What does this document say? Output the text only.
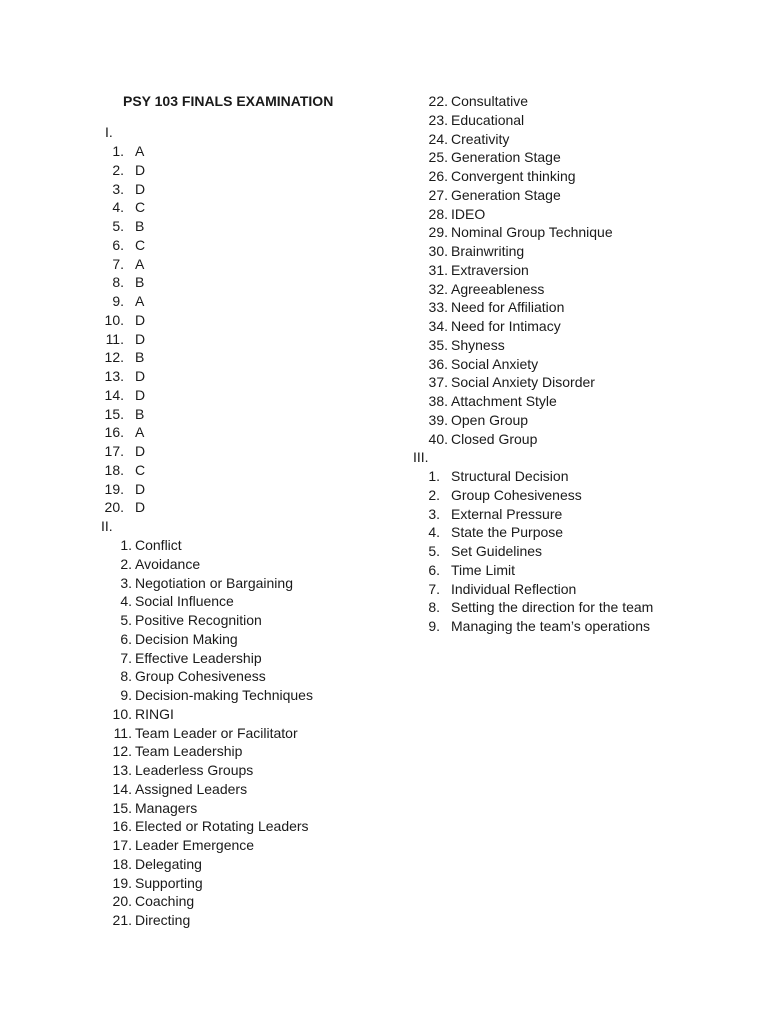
PSY 103 FINALS EXAMINATION
I.
II.
III.
1. A
2. D
3. D
4. C
5. B
6. C
7. A
8. B
9. A
10. D
11. D
12. B
13. D
14. D
15. B
16. A
17. D
18. C
19. D
20. D
1. Conflict
2. Avoidance
3. Negotiation or Bargaining
4. Social Influence
5. Positive Recognition
6. Decision Making
7. Effective Leadership
8. Group Cohesiveness
9. Decision-making Techniques
10. RINGI
11. Team Leader or Facilitator
12. Team Leadership
13. Leaderless Groups
14. Assigned Leaders
15. Managers
16. Elected or Rotating Leaders
17. Leader Emergence
18. Delegating
19. Supporting
20. Coaching
21. Directing
22. Consultative
23. Educational
24. Creativity
25. Generation Stage
26. Convergent thinking
27. Generation Stage
28. IDEO
29. Nominal Group Technique
30. Brainwriting
31. Extraversion
32. Agreeableness
33. Need for Affiliation
34. Need for Intimacy
35. Shyness
36. Social Anxiety
37. Social Anxiety Disorder
38. Attachment Style
39. Open Group
40. Closed Group
1. Structural Decision
2. Group Cohesiveness
3. External Pressure
4. State the Purpose
5. Set Guidelines
6. Time Limit
7. Individual Reflection
8. Setting the direction for the team
9. Managing the team’s operations
